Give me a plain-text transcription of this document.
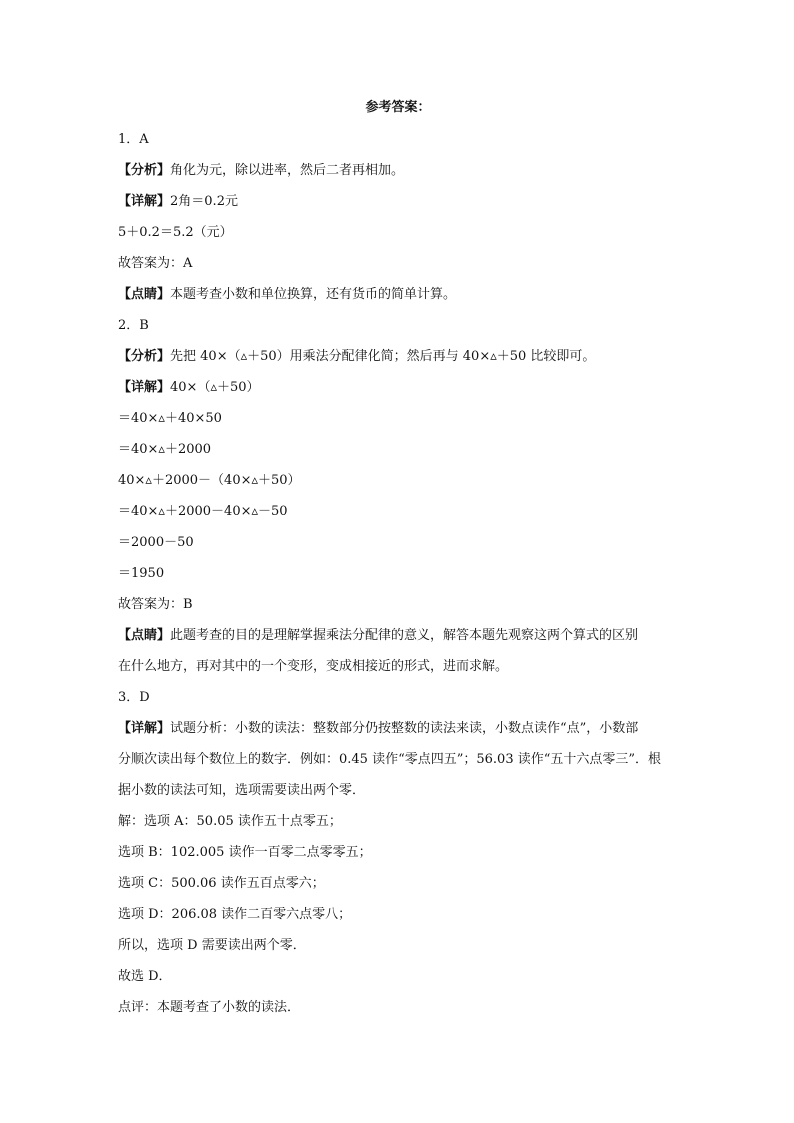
参考答案：
1．A
【分析】角化为元，除以进率，然后二者再相加。
【详解】2角＝0.2元
5＋0.2＝5.2（元）
故答案为：A
【点睛】本题考查小数和单位换算，还有货币的简单计算。
2．B
【分析】先把 40×（▵＋50）用乘法分配律化简；然后再与 40×▵＋50 比较即可。
【详解】40×（▵＋50）
＝40×▵＋40×50
＝40×▵＋2000
40×▵＋2000－（40×▵＋50）
＝40×▵＋2000－40×▵－50
＝2000－50
＝1950
故答案为：B
【点睛】此题考查的目的是理解掌握乘法分配律的意义，解答本题先观察这两个算式的区别
在什么地方，再对其中的一个变形，变成相接近的形式，进而求解。
3．D
【详解】试题分析：小数的读法：整数部分仍按整数的读法来读，小数点读作“点”，小数部
分顺次读出每个数位上的数字．例如：0.45 读作“零点四五”；56.03 读作“五十六点零三”．根
据小数的读法可知，选项需要读出两个零．
解：选项 A：50.05 读作五十点零五；
选项 B：102.005 读作一百零二点零零五；
选项 C：500.06 读作五百点零六；
选项 D：206.08 读作二百零六点零八；
所以，选项 D 需要读出两个零．
故选 D．
点评：本题考查了小数的读法．
